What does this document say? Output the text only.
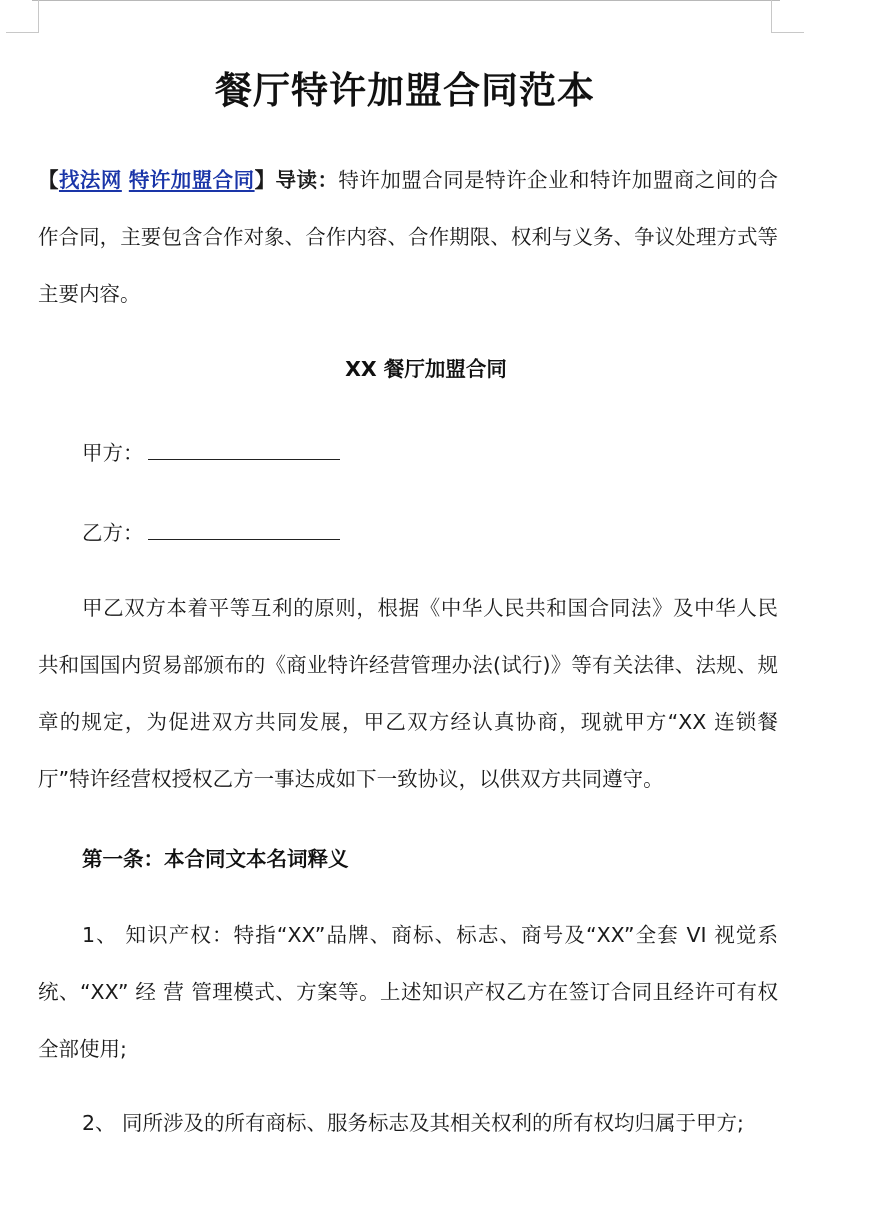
餐厅特许加盟合同范本
【找法网 特许加盟合同】导读：特许加盟合同是特许企业和特许加盟商之间的合作合同，主要包含合作对象、合作内容、合作期限、权利与义务、争议处理方式等主要内容。
XX 餐厅加盟合同
甲方：
乙方：
甲乙双方本着平等互利的原则，根据《中华人民共和国合同法》及中华人民共和国国内贸易部颁布的《商业特许经营管理办法(试行)》等有关法律、法规、规 章的规定，为促进双方共同发展，甲乙双方经认真协商，现就甲方“XX 连锁餐厅”特许经营权授权乙方一事达成如下一致协议，以供双方共同遵守。
第一条：本合同文本名词释义
1、 知识产权：特指“XX”品牌、商标、标志、商号及“XX”全套 VI 视觉系统、“XX” 经 营 管理模式、方案等。上述知识产权乙方在签订合同且经许可有权全部使用;
2、 同所涉及的所有商标、服务标志及其相关权利的所有权均归属于甲方;
